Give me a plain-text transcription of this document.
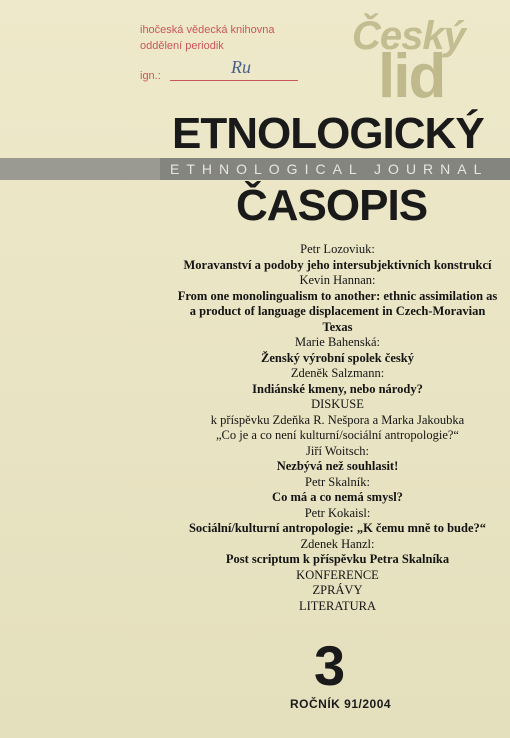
ihočeská vědecká knihovna
oddělení periodik
ign.:	Ru
Český
lid
ETNOLOGICKÝ
ETHNOLOGICAL JOURNAL
ČASOPIS
Petr Lozoviuk:
Moravanství a podoby jeho intersubjektivních konstrukcí
Kevin Hannan:
From one monolingualism to another: ethnic assimilation as a product of language displacement in Czech-Moravian Texas
Marie Bahenská:
Ženský výrobní spolek český
Zdeněk Salzmann:
Indiánské kmeny, nebo národy?
DISKUSE
k příspěvku Zdeňka R. Nešpora a Marka Jakoubka
„Co je a co není kulturní/sociální antropologie?“
Jiří Woitsch:
Nezbývá než souhlasit!
Petr Skalník:
Co má a co nemá smysl?
Petr Kokaisl:
Sociální/kulturní antropologie: „K čemu mně to bude?“
Zdenek Hanzl:
Post scriptum k příspěvku Petra Skalníka
KONFERENCE
ZPRÁVY
LITERATURA
3
ROČNÍK 91/2004
